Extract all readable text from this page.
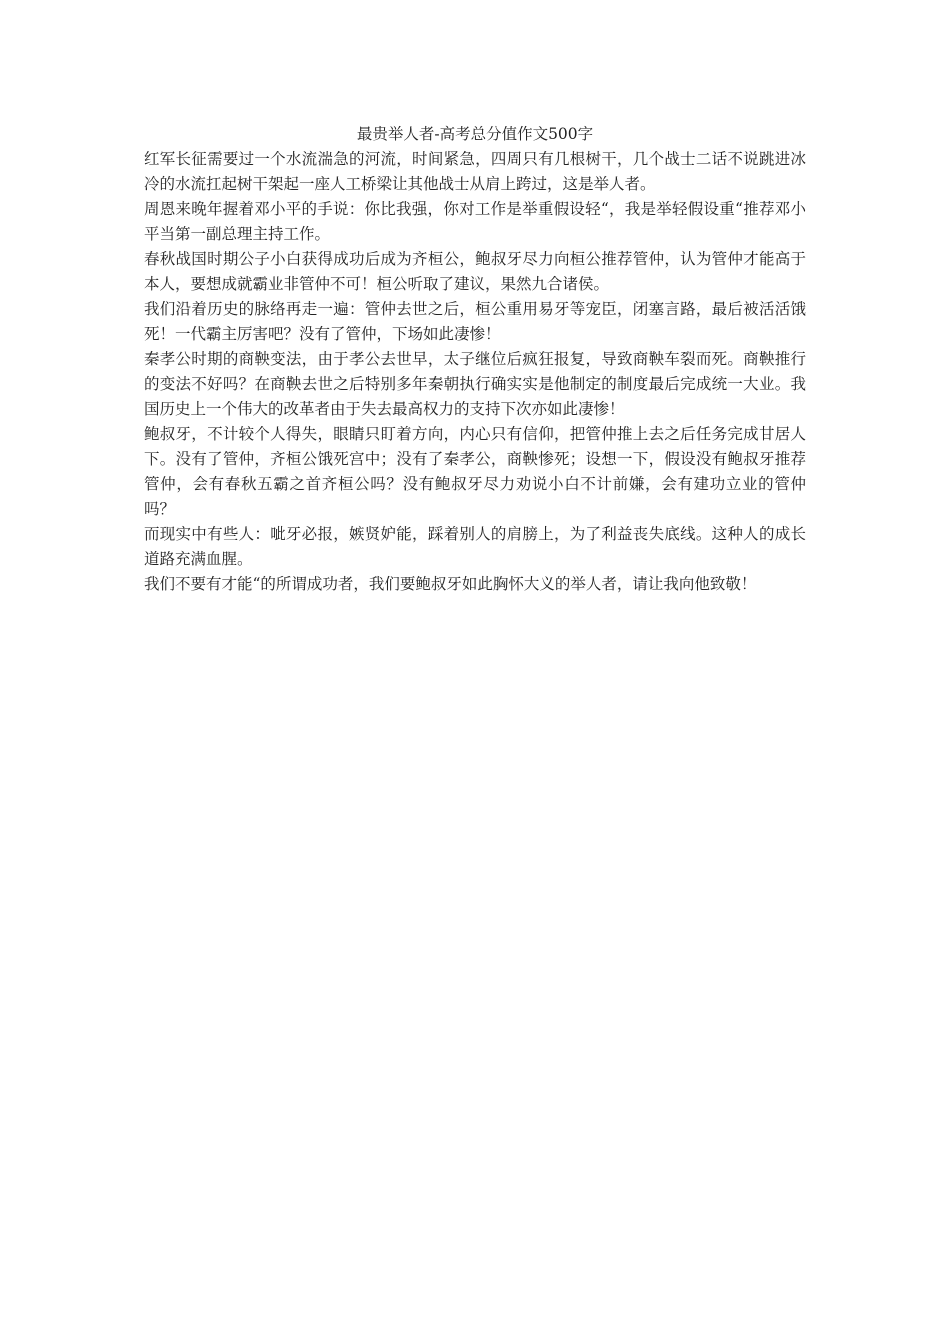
最贵举人者-高考总分值作文500字

红军长征需要过一个水流湍急的河流，时间紧急，四周只有几根树干，几个战士二话不说跳进冰冷的水流扛起树干架起一座人工桥梁让其他战士从肩上跨过，这是举人者。

周恩来晚年握着邓小平的手说：你比我强，你对工作是举重假设轻“，我是举轻假设重“推荐邓小平当第一副总理主持工作。

春秋战国时期公子小白获得成功后成为齐桓公，鲍叔牙尽力向桓公推荐管仲，认为管仲才能高于本人，要想成就霸业非管仲不可！桓公听取了建议，果然九合诸侯。

我们沿着历史的脉络再走一遍：管仲去世之后，桓公重用易牙等宠臣，闭塞言路，最后被活活饿死！一代霸主厉害吧？没有了管仲，下场如此凄惨！

秦孝公时期的商鞅变法，由于孝公去世早，太子继位后疯狂报复，导致商鞅车裂而死。商鞅推行的变法不好吗？在商鞅去世之后特别多年秦朝执行确实实是他制定的制度最后完成统一大业。我国历史上一个伟大的改革者由于失去最高权力的支持下次亦如此凄惨！

鲍叔牙，不计较个人得失，眼睛只盯着方向，内心只有信仰，把管仲推上去之后任务完成甘居人下。没有了管仲，齐桓公饿死宫中；没有了秦孝公，商鞅惨死；设想一下，假设没有鲍叔牙推荐管仲，会有春秋五霸之首齐桓公吗？没有鲍叔牙尽力劝说小白不计前嫌，会有建功立业的管仲吗？

而现实中有些人：呲牙必报，嫉贤妒能，踩着别人的肩膀上，为了利益丧失底线。这种人的成长道路充满血腥。

我们不要有才能“的所谓成功者，我们要鲍叔牙如此胸怀大义的举人者，请让我向他致敬！
